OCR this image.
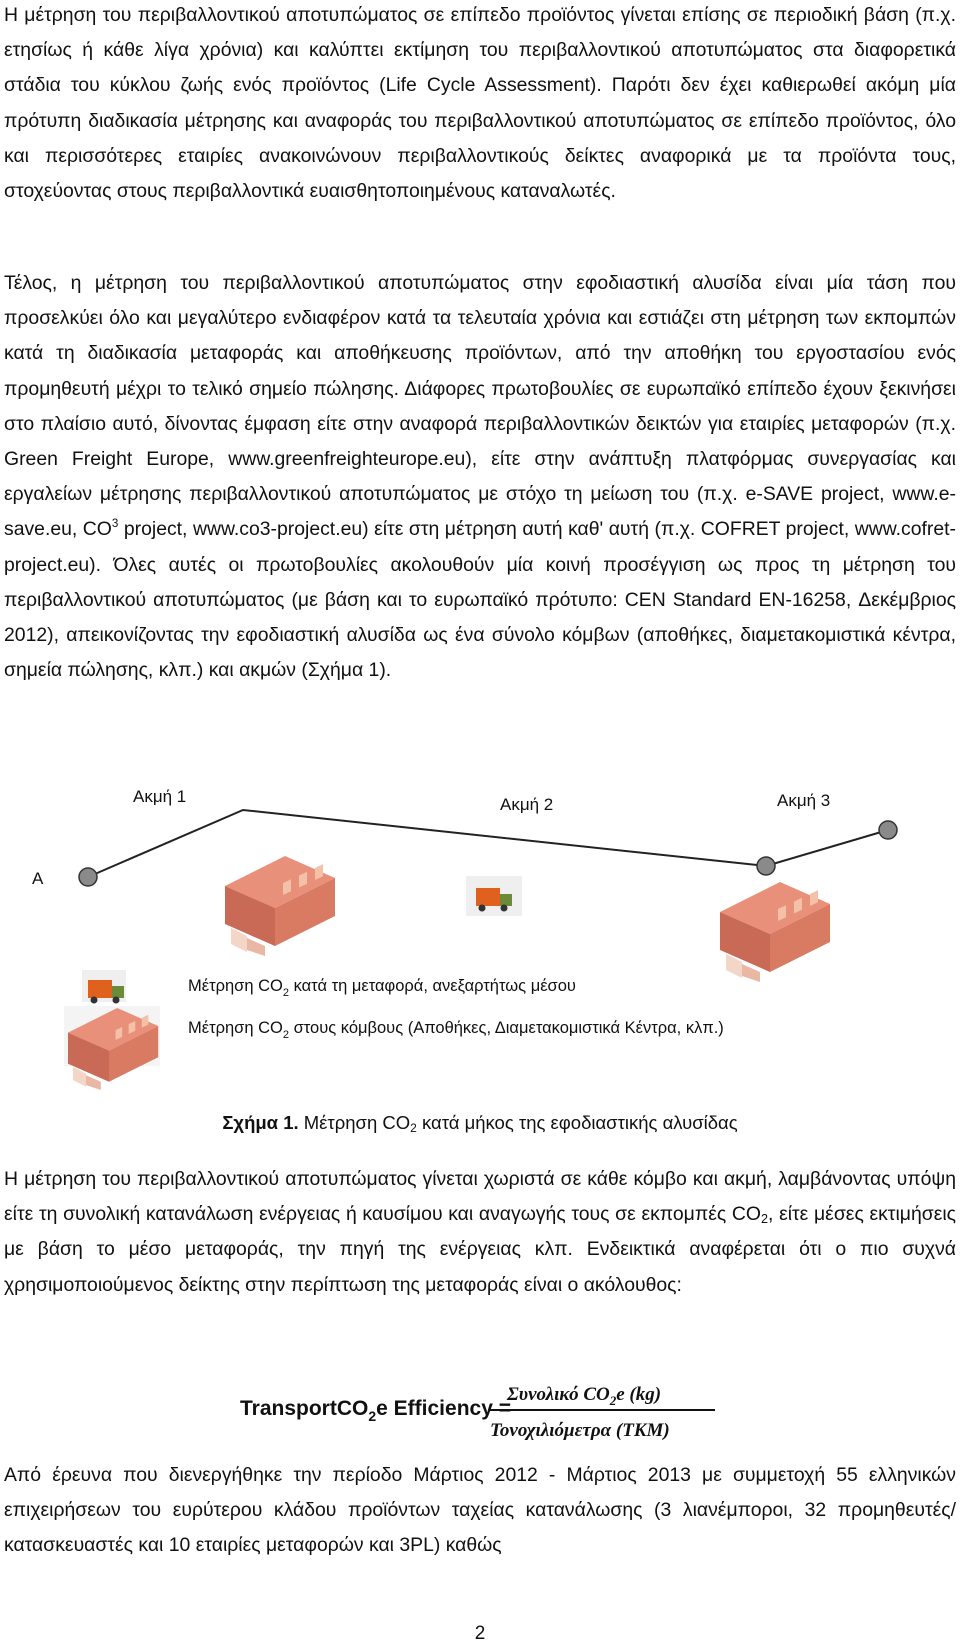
Η μέτρηση του περιβαλλοντικού αποτυπώματος σε επίπεδο προϊόντος γίνεται επίσης σε περιοδική βάση (π.χ. ετησίως ή κάθε λίγα χρόνια) και καλύπτει εκτίμηση του περιβαλλοντικού αποτυπώματος στα διαφορετικά στάδια του κύκλου ζωής ενός προϊόντος (Life Cycle Assessment). Παρότι δεν έχει καθιερωθεί ακόμη μία πρότυπη διαδικασία μέτρησης και αναφοράς του περιβαλλοντικού αποτυπώματος σε επίπεδο προϊόντος, όλο και περισσότερες εταιρίες ανακοινώνουν περιβαλλοντικούς δείκτες αναφορικά με τα προϊόντα τους, στοχεύοντας στους περιβαλλοντικά ευαισθητοποιημένους καταναλωτές.

Τέλος, η μέτρηση του περιβαλλοντικού αποτυπώματος στην εφοδιαστική αλυσίδα είναι μία τάση που προσελκύει όλο και μεγαλύτερο ενδιαφέρον κατά τα τελευταία χρόνια και εστιάζει στη μέτρηση των εκπομπών κατά τη διαδικασία μεταφοράς και αποθήκευσης προϊόντων, από την αποθήκη του εργοστασίου ενός προμηθευτή μέχρι το τελικό σημείο πώλησης. Διάφορες πρωτοβουλίες σε ευρωπαϊκό επίπεδο έχουν ξεκινήσει στο πλαίσιο αυτό, δίνοντας έμφαση είτε στην αναφορά περιβαλλοντικών δεικτών για εταιρίες μεταφορών (π.χ. Green Freight Europe, www.greenfreighteurope.eu), είτε στην ανάπτυξη πλατφόρμας συνεργασίας και εργαλείων μέτρησης περιβαλλοντικού αποτυπώματος με στόχο τη μείωση του (π.χ. e-SAVE project, www.e-save.eu, $CO^3$ project, www.co3-project.eu) είτε στη μέτρηση αυτή καθ' αυτή (π.χ. COFRET project, www.cofret-project.eu). Όλες αυτές οι πρωτοβουλίες ακολουθούν μία κοινή προσέγγιση ως προς τη μέτρηση του περιβαλλοντικού αποτυπώματος (με βάση και το ευρωπαϊκό πρότυπο: CEN Standard EN-16258, Δεκέμβριος 2012), απεικονίζοντας την εφοδιαστική αλυσίδα ως ένα σύνολο κόμβων (αποθήκες, διαμετακομιστικά κέντρα, σημεία πώλησης, κλπ.) και ακμών (Σχήμα 1).

A
Ακμή 1	Ακμή 2	Ακμή 3
Μέτρηση $CO_2$ κατά τη μεταφορά, ανεξαρτήτως μέσου
Μέτρηση $CO_2$ στους κόμβους (Αποθήκες, Διαμετακομιστικά Κέντρα, κλπ.)
Σχήμα 1. Μέτρηση $CO_2$ κατά μήκος της εφοδιαστικής αλυσίδας

Η μέτρηση του περιβαλλοντικού αποτυπώματος γίνεται χωριστά σε κάθε κόμβο και ακμή, λαμβάνοντας υπόψη είτε τη συνολική κατανάλωση ενέργειας ή καυσίμου και αναγωγής τους σε εκπομπές $CO_2$, είτε μέσες εκτιμήσεις με βάση το μέσο μεταφοράς, την πηγή της ενέργειας κλπ. Ενδεικτικά αναφέρεται ότι ο πιο συχνά χρησιμοποιούμενος δείκτης στην περίπτωση της μεταφοράς είναι ο ακόλουθος:

TransportCO$_2$e Efficiency =
Συνολικό $CO_2e$ (kg)
Τονοχιλιόμετρα (TKM)

Από έρευνα που διενεργήθηκε την περίοδο Μάρτιος 2012 - Μάρτιος 2013 με συμμετοχή 55 ελληνικών επιχειρήσεων του ευρύτερου κλάδου προϊόντων ταχείας κατανάλωσης (3 λιανέμποροι, 32 προμηθευτές/ κατασκευαστές και 10 εταιρίες μεταφορών και 3PL) καθώς

2
